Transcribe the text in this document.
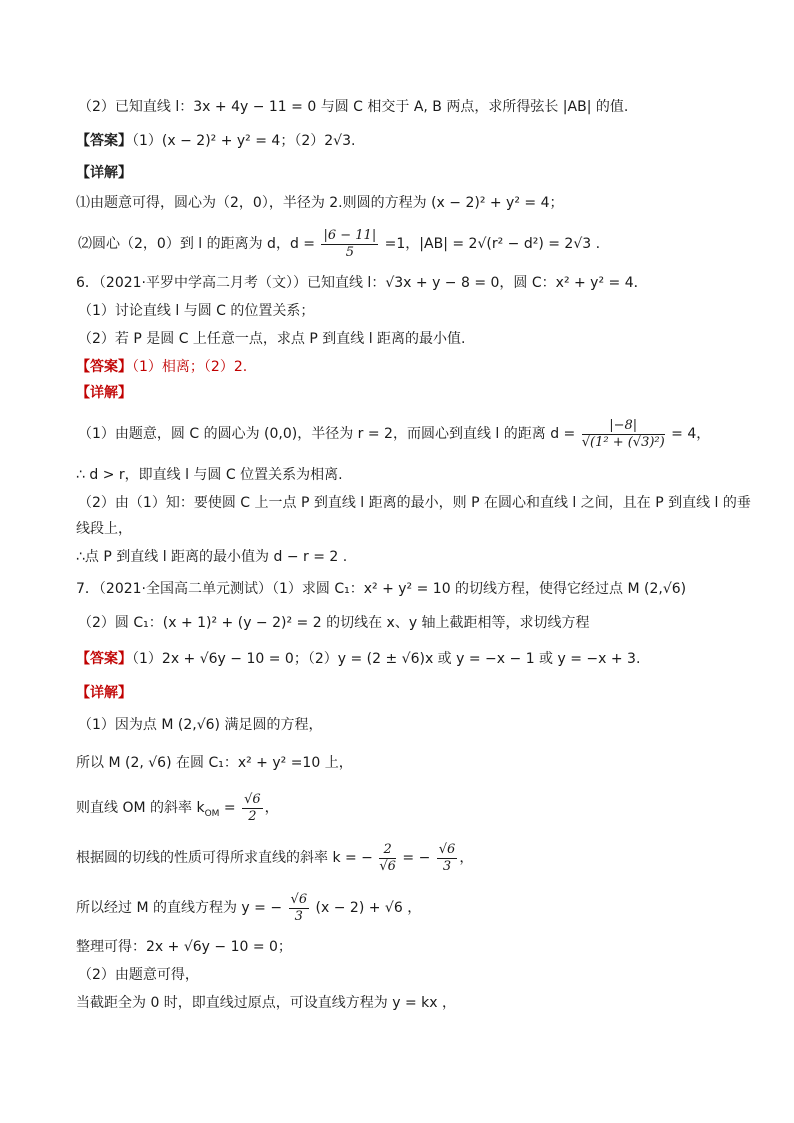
（2）已知直线 l：3x + 4y − 11 = 0 与圆 C 相交于 A, B 两点，求所得弦长 |AB| 的值.
【答案】（1）(x − 2)² + y² = 4；（2）2√3.
【详解】
⑴由题意可得，圆心为（2，0），半径为 2.则圆的方程为 (x − 2)² + y² = 4；
⑵圆心（2，0）到 l 的距离为 d，$d = \frac{|6 - 11|}{5} =1$，|AB| = 2√(r² − d²) = 2√3 .
6．（2021·平罗中学高二月考（文））已知直线 l：√3x + y − 8 = 0，圆 C：x² + y² = 4．
（1）讨论直线 l 与圆 C 的位置关系；
（2）若 P 是圆 C 上任意一点，求点 P 到直线 l 距离的最小值.
【答案】（1）相离；（2）2.
【详解】
（1）由题意，圆 C 的圆心为 (0,0)，半径为 r = 2，而圆心到直线 l 的距离 $d = \frac{|-8|}{\text{√(1² + (√3)²)}} = 4$，
∴ d > r，即直线 l 与圆 C 位置关系为相离.
（2）由（1）知：要使圆 C 上一点 P 到直线 l 距离的最小，则 P 在圆心和直线 l 之间，且在 P 到直线 l 的垂
线段上，
∴点 P 到直线 l 距离的最小值为 d − r = 2 .
7．（2021·全国高二单元测试）（1）求圆 C₁：x² + y² = 10 的切线方程，使得它经过点 M (2,√6)
（2）圆 C₁：(x + 1)² + (y − 2)² = 2 的切线在 x、y 轴上截距相等，求切线方程
【答案】（1）2x + √6y − 10 = 0；（2）y = (2 ± √6)x 或 y = −x − 1 或 y = −x + 3.
【详解】
（1）因为点 M (2,√6) 满足圆的方程，
所以 M (2, √6) 在圆 C₁：x² + y² =10 上，
则直线 OM 的斜率 $k_{OM} = \frac{√6}{2}$ ，
根据圆的切线的性质可得所求直线的斜率 k = − $\frac{2}{√6}$ = − $\frac{√6}{3}$ ，
所以经过 M 的直线方程为 y = − $\frac{√6}{3} (x - 2) + √6$ ，
整理可得：2x + √6y − 10 = 0；
（2）由题意可得，
当截距全为 0 时，即直线过原点，可设直线方程为 y = kx ，
